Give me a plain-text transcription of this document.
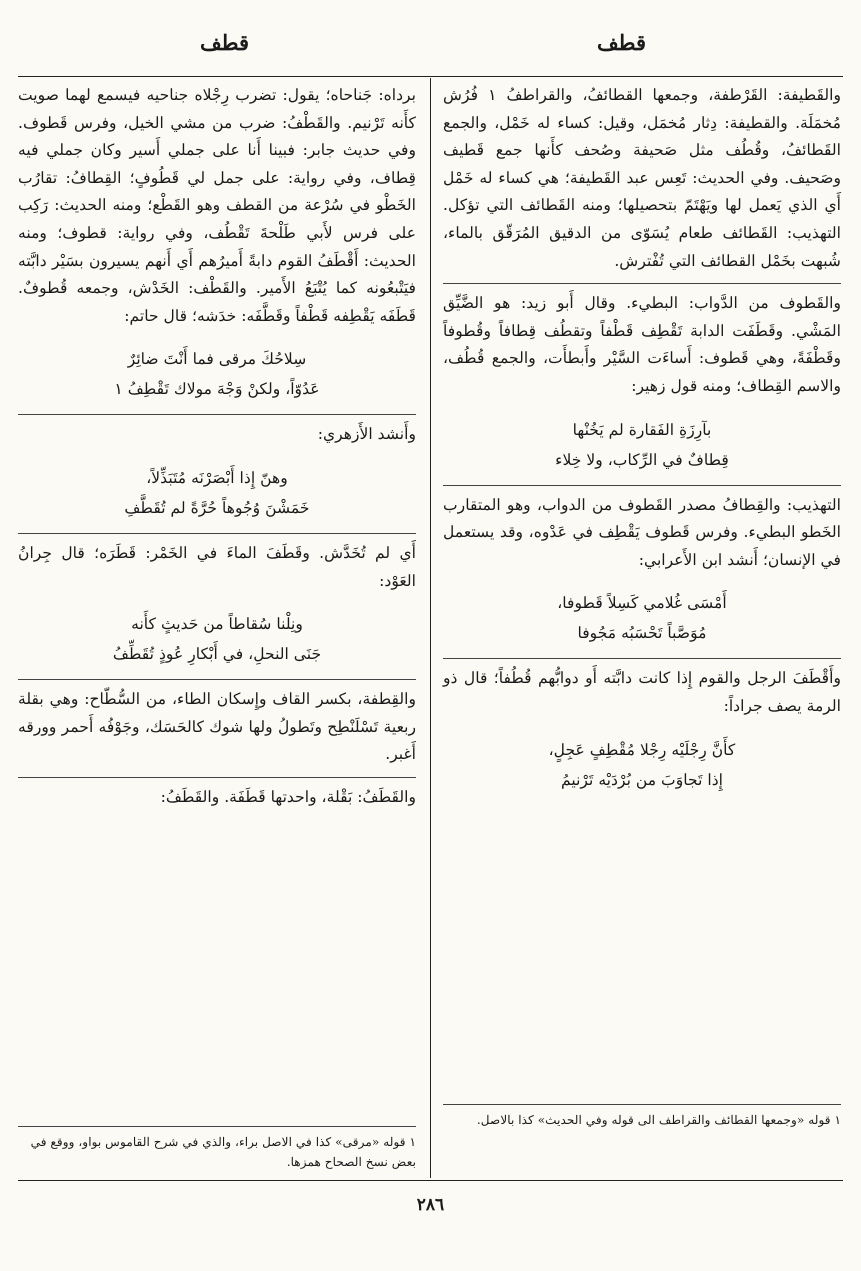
قطف
قطف

والقَطيفة: القَرْطفة، وجمعها القطائفُ، والقراطفُ ١ فُرُش مُخمَلَة. والقطيفة: دِثار مُخمَل، وقيل: كساء له خَمْل، والجمع القَطائفُ، وقُطُف مثل صَحيفة وصُحف كأَنها جمع قَطيف وصَحيف. وفي الحديث: تَعِس عبد القَطيفة؛ هي كساء له خَمْل أَي الذي يَعمل لها ويَهْتَمّ بتحصيلها؛ ومنه القَطائف التي تؤكل. التهذيب: القَطائف طعام يُسَوّى من الدقيق المُرَقّق بالماء، شُبهت بخَمْل القطائف التي تُفْترش.

والقَطوف من الدَّواب: البطيء. وقال أَبو زيد: هو الضَّيِّق المَشْي. وقَطَفَت الدابة تَقْطِف قَطْفاً وتقطُف قِطافاً وقُطوفاً وقَطْفَةً، وهي قَطوف: أَساءَت السَّيْر وأَبطأَت، والجمع قُطُف، والاسم القِطاف؛ ومنه قول زهير:

بآرِزَةِ الفَقارة لم يَخُنْها
قِطافٌ في الرِّكاب، ولا خِلاء

التهذيب: والقِطافُ مصدر القَطوف من الدواب، وهو المتقارب الخَطو البطيء. وفرس قَطوف يَقْطِف في عَدْوه، وقد يستعمل في الإنسان؛ أَنشد ابن الأَعرابي:

أَمْسَى غُلامي كَسِلاً قَطوفا،
مُوَصَّباً تَحْسَبُه مَجُوفا

وأَقْطَفَ الرجل والقوم إِذا كانت دابَّته أَو دوابُّهم قُطُفاً؛ قال ذو الرمة يصف جراداً:

كأَنَّ رِجْلَيْه رِجْلا مُقْطِفٍ عَجِلٍ،
إِذا تَجاوَبَ من بُرْدَيْه تَرْنيمُ

برداه: جَناحاه؛ يقول: تضرب رِجْلاه جناحيه فيسمع لهما صويت كأَنه تَرْنيم. والقَطْفُ: ضرب من مشي الخيل، وفرس قَطوف. وفي حديث جابر: فبينا أَنا على جملي أَسير وكان جملي فيه قِطاف، وفي رواية: على جمل لي قَطُوفٍ؛ القِطافُ: تقارُب الخَطْو في سُرْعة من القطف وهو القَطْع؛ ومنه الحديث: رَكِب على فرس لأَبي طَلْحةَ تَقْطُف، وفي رواية: قطوف؛ ومنه الحديث: أَقْطَفُ القوم دابةً أَميرُهم أَي أَنهم يسيرون بسَيْر دابَّته فيَتْبعُونه كما يُتْبَعُ الأَمير. والقَطْف: الخَدْش، وجمعه قُطوفٌ. قَطَفَه يَقْطِفه قَطْفاً وقَطَّفَه: خدَشه؛ قال حاتم:

سِلاحُكَ مرقى فما أَنْتَ ضائِرٌ
عَدُوّاً، ولكنْ وَجْهَ مولاك تَقْطِفُ ١

وأَنشد الأَزهري:

وهنّ إِذا أَبْصَرْنَه مُتَبَذِّلاً،
خَمَشْنَ وُجُوهاً حُرَّةً لم تُقَطَّفِ

أَي لم تُخَدَّش. وقَطَفَ الماءَ في الخَمْر: قَطَرَه؛ قال جِرانُ العَوْد:

ونِلْنا سُقاطاً من حَديثٍ كأَنه
جَنَى النحلِ، في أَبْكارِ عُوذٍ تُقَطِّفُ

والقِطفة، بكسر القاف وإِسكان الطاء، من السُّطّاح: وهي بقلة ربعية تَسْلَنْطِح وتَطولُ ولها شوك كالحَسَك، وجَوْفُه أَحمر وورقه أَغبر.

والقَطَفُ: بَقْلة، واحدتها قَطَفَة. والقَطَفُ:

١ قوله «وجمعها القطائف والقراطف الى قوله وفي الحديث» كذا بالاصل.
١ قوله «مرقى» كذا في الاصل براء، والذي في شرح القاموس بواو، ووقع في بعض نسخ الصحاح همزها.
٢٨٦
